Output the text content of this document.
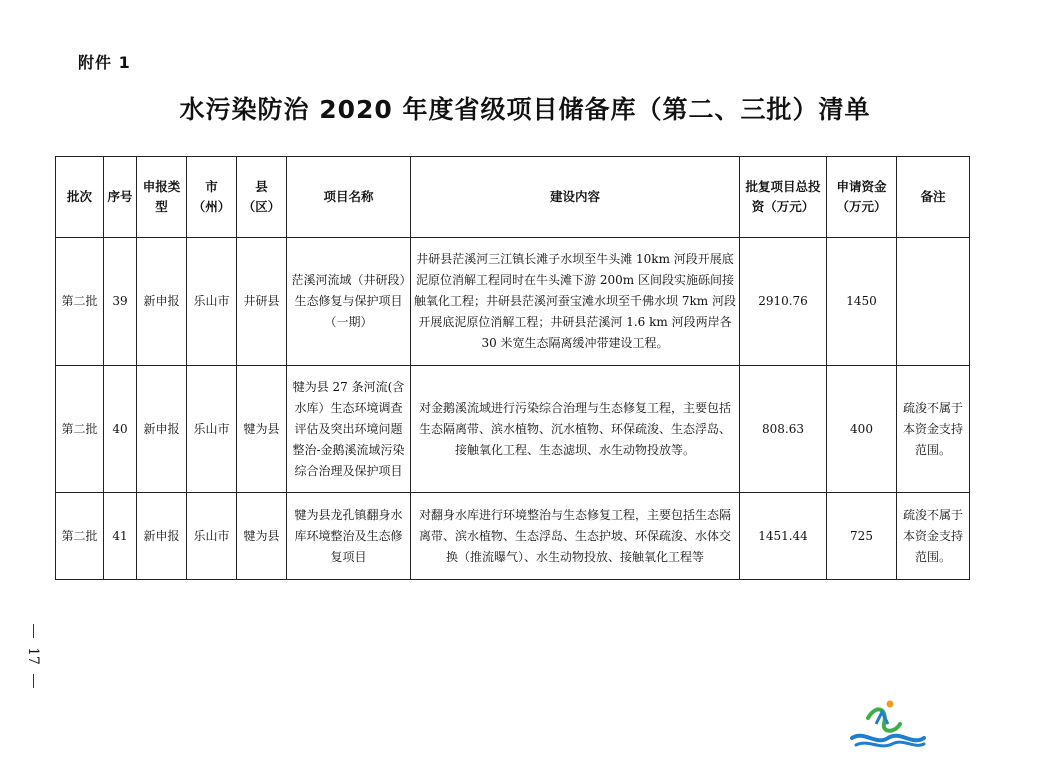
附件 1
水污染防治 2020 年度省级项目储备库（第二、三批）清单
批次	序号	申报类型	市（州）	县（区）	项目名称	建设内容	批复项目总投资（万元）	申请资金（万元）	备注
第二批	39	新申报	乐山市	井研县	茫溪河流域（井研段）生态修复与保护项目（一期）	井研县茫溪河三江镇长滩子水坝至牛头滩 10km 河段开展底泥原位消解工程同时在牛头滩下游 200m 区间段实施砾间接触氧化工程；井研县茫溪河蚕宝滩水坝至千佛水坝 7km 河段开展底泥原位消解工程；井研县茫溪河 1.6 km 河段两岸各 30 米宽生态隔离缓冲带建设工程。	2910.76	1450	
第二批	40	新申报	乐山市	犍为县	犍为县 27 条河流(含水库）生态环境调查评估及突出环境问题整治-金鹅溪流域污染综合治理及保护项目	对金鹅溪流域进行污染综合治理与生态修复工程，主要包括生态隔离带、滨水植物、沉水植物、环保疏浚、生态浮岛、接触氧化工程、生态滤坝、水生动物投放等。	808.63	400	疏浚不属于本资金支持范围。
第二批	41	新申报	乐山市	犍为县	犍为县龙孔镇翻身水库环境整治及生态修复项目	对翻身水库进行环境整治与生态修复工程，主要包括生态隔离带、滨水植物、生态浮岛、生态护坡、环保疏浚、水体交换（推流曝气）、水生动物投放、接触氧化工程等	1451.44	725	疏浚不属于本资金支持范围。
17
